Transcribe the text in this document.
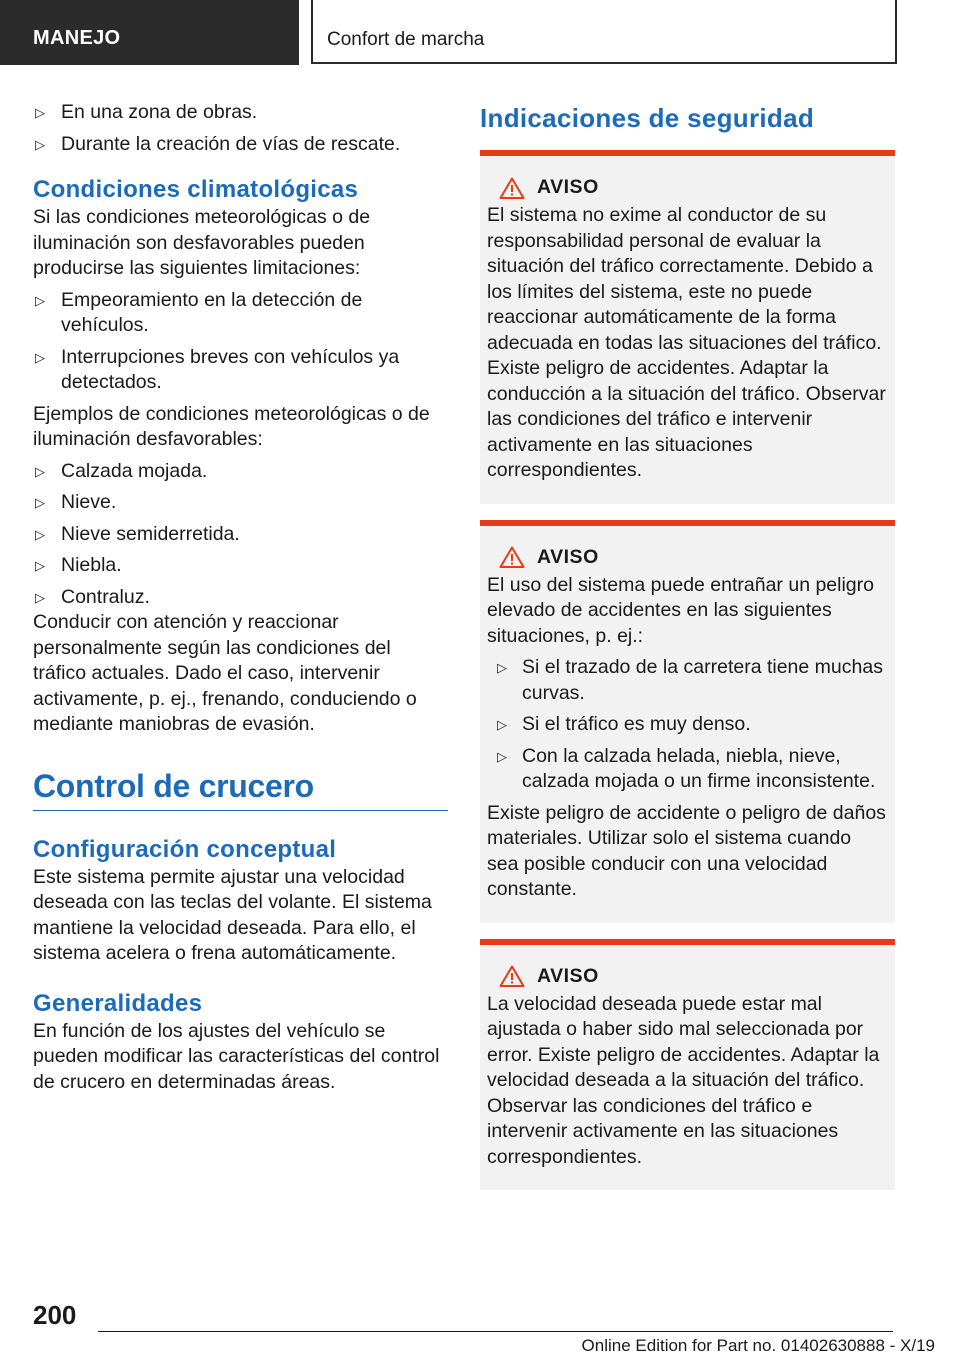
MANEJO	Confort de marcha
▷ En una zona de obras.
▷ Durante la creación de vías de rescate.
Condiciones climatológicas

Si las condiciones meteorológicas o de iluminación son desfavorables pueden producirse las siguientes limitaciones:

▷ Empeoramiento en la detección de vehículos.
▷ Interrupciones breves con vehículos ya detectados.

Ejemplos de condiciones meteorológicas o de iluminación desfavorables:

▷ Calzada mojada.
▷ Nieve.
▷ Nieve semiderretida.
▷ Niebla.
▷ Contraluz.

Conducir con atención y reaccionar personalmente según las condiciones del tráfico actuales. Dado el caso, intervenir activamente, p. ej., frenando, conduciendo o mediante maniobras de evasión.

Control de crucero
Configuración conceptual

Este sistema permite ajustar una velocidad deseada con las teclas del volante. El sistema mantiene la velocidad deseada. Para ello, el sistema acelera o frena automáticamente.

Generalidades

En función de los ajustes del vehículo se pueden modificar las características del control de crucero en determinadas áreas.

Indicaciones de seguridad
AVISO

El sistema no exime al conductor de su responsabilidad personal de evaluar la situación del tráfico correctamente. Debido a los límites del sistema, este no puede reaccionar automáticamente de la forma adecuada en todas las situaciones del tráfico. Existe peligro de accidentes. Adaptar la conducción a la situación del tráfico. Observar las condiciones del tráfico e intervenir activamente en las situaciones correspondientes.

AVISO

El uso del sistema puede entrañar un peligro elevado de accidentes en las siguientes situaciones, p. ej.:

▷ Si el trazado de la carretera tiene muchas curvas.
▷ Si el tráfico es muy denso.
▷ Con la calzada helada, niebla, nieve, calzada mojada o un firme inconsistente.

Existe peligro de accidente o peligro de daños materiales. Utilizar solo el sistema cuando sea posible conducir con una velocidad constante.

AVISO

La velocidad deseada puede estar mal ajustada o haber sido mal seleccionada por error. Existe peligro de accidentes. Adaptar la velocidad deseada a la situación del tráfico. Observar las condiciones del tráfico e intervenir activamente en las situaciones correspondientes.

200
Online Edition for Part no. 01402630888 - X/19
